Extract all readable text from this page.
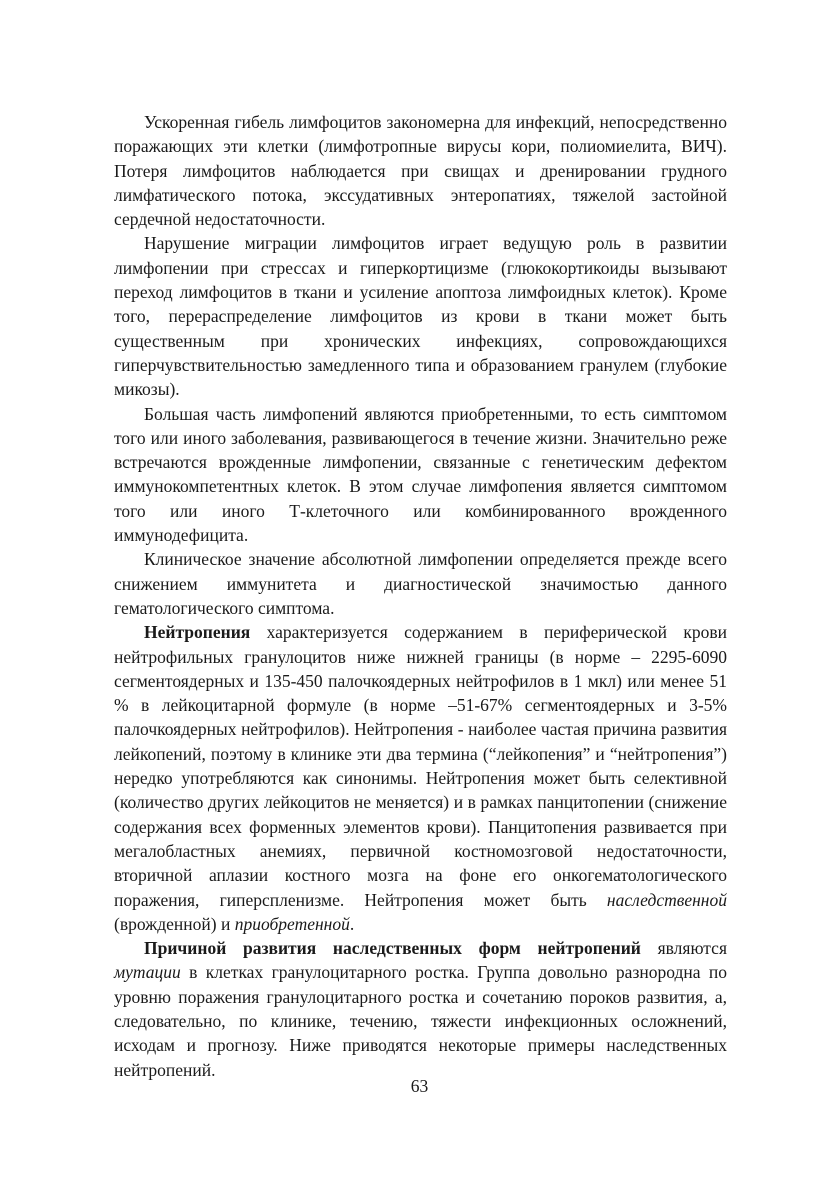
Ускоренная гибель лимфоцитов закономерна для инфекций, непосредственно поражающих эти клетки (лимфотропные вирусы кори, полиомиелита, ВИЧ). Потеря лимфоцитов наблюдается при свищах и дренировании грудного лимфатического потока, экссудативных энтеропатиях, тяжелой застойной сердечной недостаточности.

Нарушение миграции лимфоцитов играет ведущую роль в развитии лимфопении при стрессах и гиперкортицизме (глюкокортикоиды вызывают переход лимфоцитов в ткани и усиление апоптоза лимфоидных клеток). Кроме того, перераспределение лимфоцитов из крови в ткани может быть существенным при хронических инфекциях, сопровождающихся гиперчувствительностью замедленного типа и образованием гранулем (глубокие микозы).

Большая часть лимфопений являются приобретенными, то есть симптомом того или иного заболевания, развивающегося в течение жизни. Значительно реже встречаются врожденные лимфопении, связанные с генетическим дефектом иммунокомпетентных клеток. В этом случае лимфопения является симптомом того или иного Т-клеточного или комбинированного врожденного иммунодефицита.

Клиническое значение абсолютной лимфопении определяется прежде всего снижением иммунитета и диагностической значимостью данного гематологического симптома.

Нейтропения характеризуется содержанием в периферической крови нейтрофильных гранулоцитов ниже нижней границы (в норме – 2295-6090 сегментоядерных и 135-450 палочкоядерных нейтрофилов в 1 мкл) или менее 51 % в лейкоцитарной формуле (в норме –51-67% сегментоядерных и 3-5% палочкоядерных нейтрофилов). Нейтропения - наиболее частая причина развития лейкопений, поэтому в клинике эти два термина (“лейкопения” и “нейтропения”) нередко употребляются как синонимы. Нейтропения может быть селективной (количество других лейкоцитов не меняется) и в рамках панцитопении (снижение содержания всех форменных элементов крови). Панцитопения развивается при мегалобластных анемиях, первичной костномозговой недостаточности, вторичной аплазии костного мозга на фоне его онкогематологического поражения, гиперспленизме. Нейтропения может быть наследственной (врожденной) и приобретенной.

Причиной развития наследственных форм нейтропений являются мутации в клетках гранулоцитарного ростка. Группа довольно разнородна по уровню поражения гранулоцитарного ростка и сочетанию пороков развития, а, следовательно, по клинике, течению, тяжести инфекционных осложнений, исходам и прогнозу. Ниже приводятся некоторые примеры наследственных нейтропений.

63
